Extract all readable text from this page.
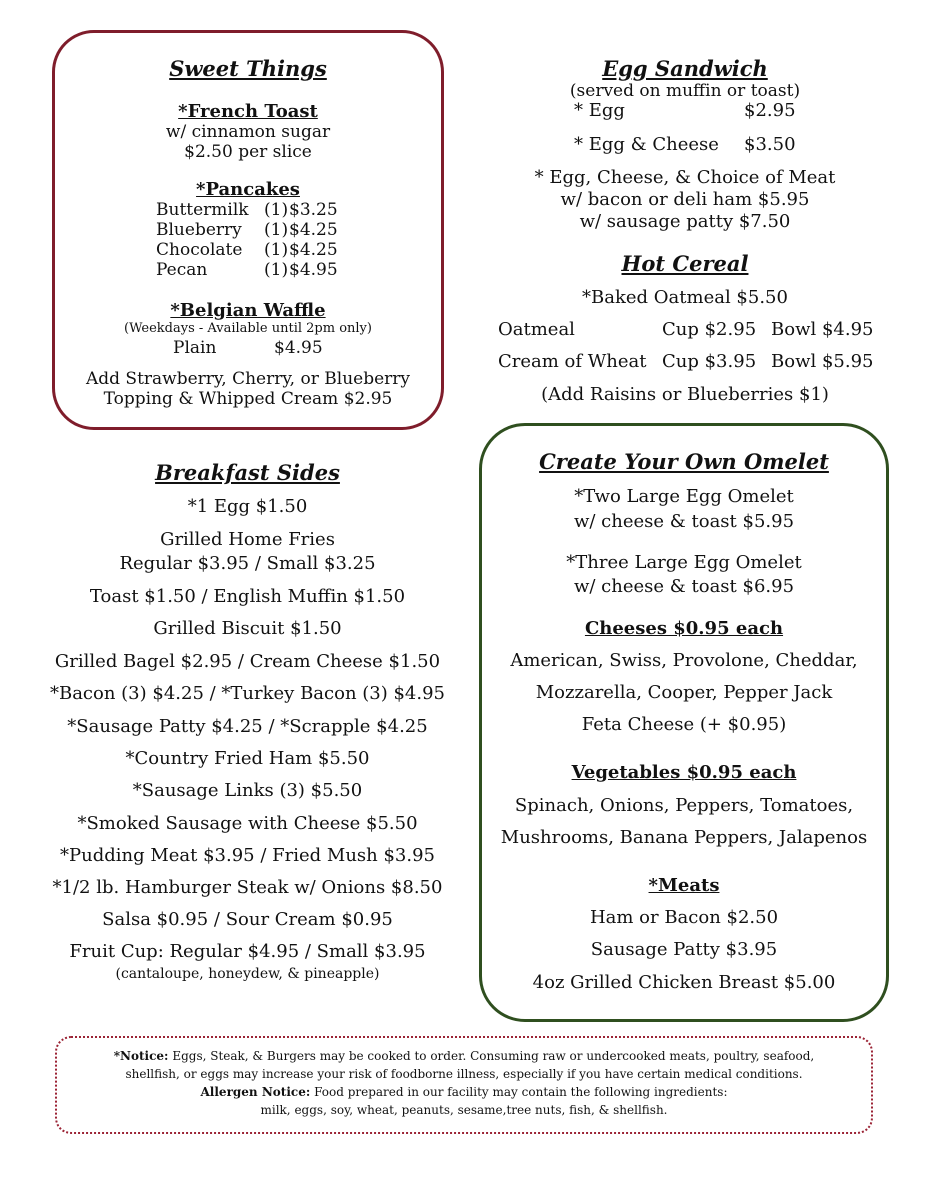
Sweet Things
*French Toast
w/ cinnamon sugar
$2.50 per slice
*Pancakes
Buttermilk (1) $3.25
Blueberry (1) $4.25
Chocolate (1) $4.25
Pecan	(1) $4.95
*Belgian Waffle
(Weekdays - Available until 2pm only)
Plain	$4.95
Add Strawberry, Cherry, or Blueberry
Topping & Whipped Cream $2.95
Egg Sandwich
(served on muffin or toast)
* Egg	$2.95
* Egg & Cheese $3.50
* Egg, Cheese, & Choice of Meat
w/ bacon or deli ham $5.95
w/ sausage patty $7.50
Hot Cereal
*Baked Oatmeal $5.50
Oatmeal	Cup $2.95 Bowl $4.95
Cream of Wheat Cup $3.95 Bowl $5.95
(Add Raisins or Blueberries $1)
Breakfast Sides
*1 Egg $1.50
Grilled Home Fries
Regular $3.95 / Small $3.25
Toast $1.50 / English Muffin $1.50
Grilled Biscuit $1.50
Grilled Bagel $2.95 / Cream Cheese $1.50
*Bacon (3) $4.25 / *Turkey Bacon (3) $4.95
*Sausage Patty $4.25 / *Scrapple $4.25
*Country Fried Ham $5.50
*Sausage Links (3) $5.50
*Smoked Sausage with Cheese $5.50
*Pudding Meat $3.95 / Fried Mush $3.95
*1/2 lb. Hamburger Steak w/ Onions $8.50
Salsa $0.95 / Sour Cream $0.95
Fruit Cup: Regular $4.95 / Small $3.95
(cantaloupe, honeydew, & pineapple)
Create Your Own Omelet
*Two Large Egg Omelet
w/ cheese & toast $5.95
*Three Large Egg Omelet
w/ cheese & toast $6.95
Cheeses $0.95 each
American, Swiss, Provolone, Cheddar,
Mozzarella, Cooper, Pepper Jack
Feta Cheese (+ $0.95)
Vegetables $0.95 each
Spinach, Onions, Peppers, Tomatoes,
Mushrooms, Banana Peppers, Jalapenos
*Meats
Ham or Bacon $2.50
Sausage Patty $3.95
4oz Grilled Chicken Breast $5.00
*Notice: Eggs, Steak, & Burgers may be cooked to order. Consuming raw or undercooked meats, poultry, seafood,
shellfish, or eggs may increase your risk of foodborne illness, especially if you have certain medical conditions.
Allergen Notice: Food prepared in our facility may contain the following ingredients:
milk, eggs, soy, wheat, peanuts, sesame,tree nuts, fish, & shellfish.
